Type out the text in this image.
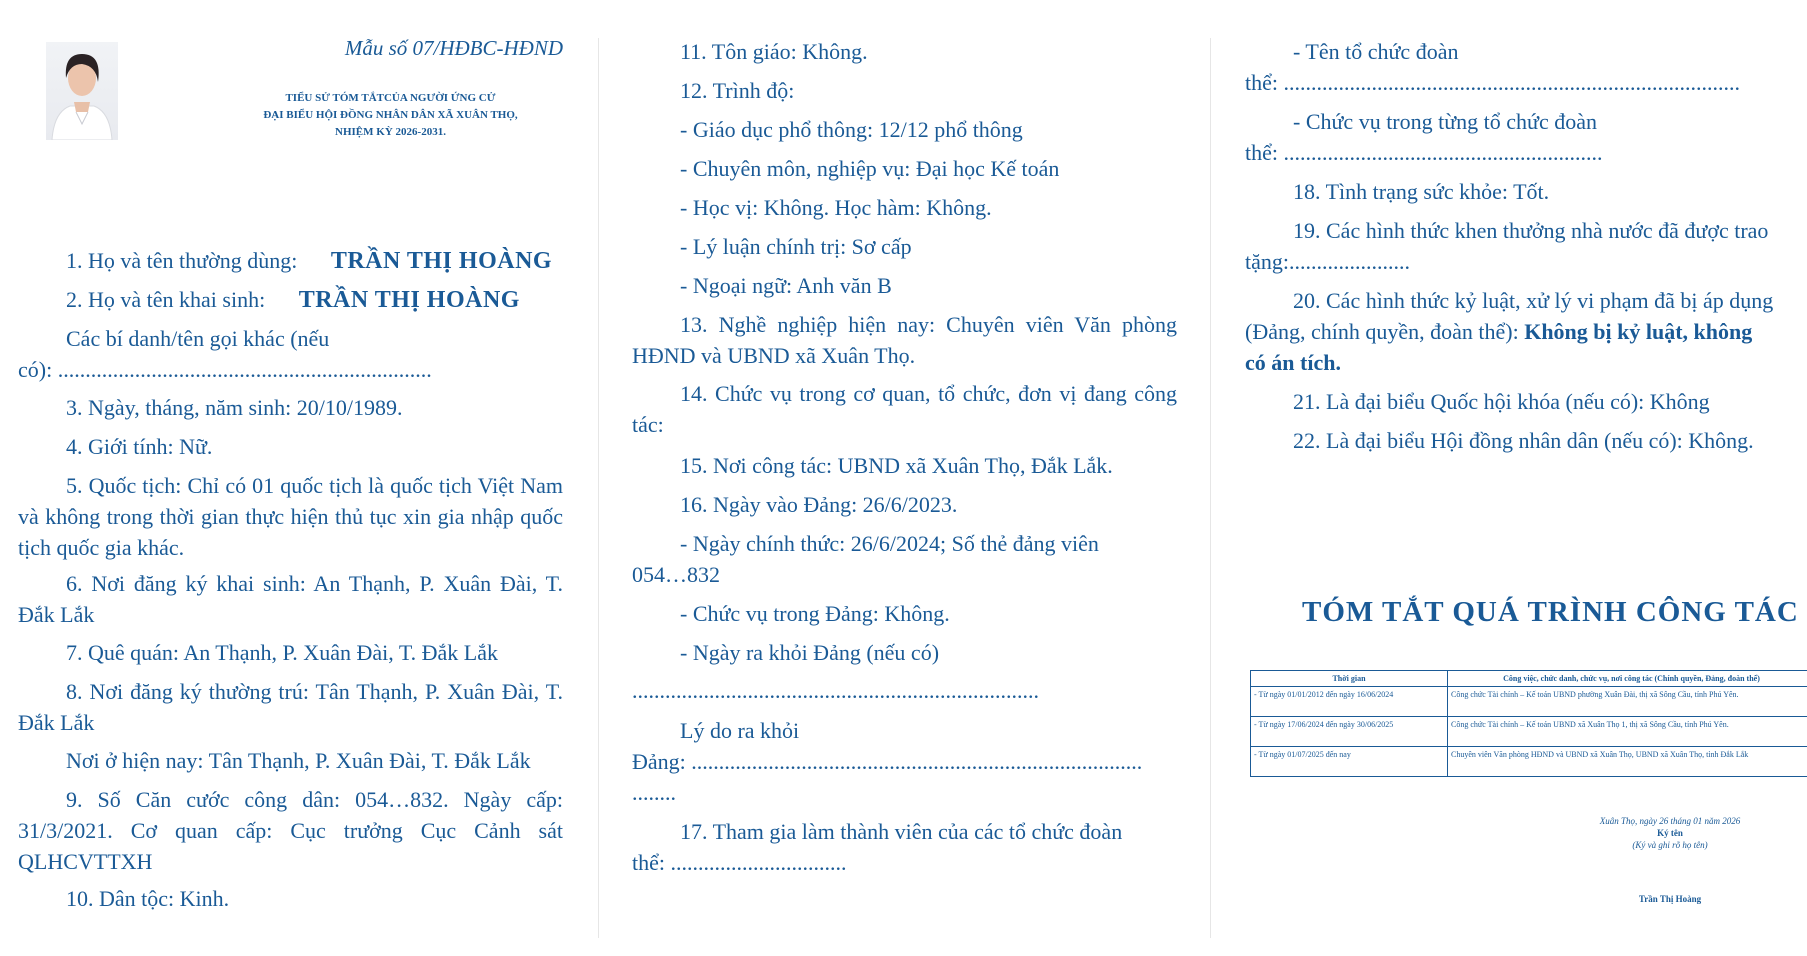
Mẫu số 07/HĐBC-HĐND
TIỂU SỬ TÓM TẮTCỦA NGƯỜI ỨNG CỬ
ĐẠI BIỂU HỘI ĐỒNG NHÂN DÂN XÃ XUÂN THỌ,
NHIỆM KỲ 2026-2031.
1. Họ và tên thường dùng: TRẦN THỊ HOÀNG
2. Họ và tên khai sinh: TRẦN THỊ HOÀNG
Các bí danh/tên gọi khác (nếu
có): ....................................................................
3. Ngày, tháng, năm sinh: 20/10/1989.
4. Giới tính: Nữ.
5. Quốc tịch: Chỉ có 01 quốc tịch là quốc tịch Việt Nam và không trong thời gian thực hiện thủ tục xin gia nhập quốc tịch quốc gia khác.
6. Nơi đăng ký khai sinh: An Thạnh, P. Xuân Đài, T. Đắk Lắk
7. Quê quán: An Thạnh, P. Xuân Đài, T. Đắk Lắk
8. Nơi đăng ký thường trú: Tân Thạnh, P. Xuân Đài, T. Đắk Lắk
Nơi ở hiện nay: Tân Thạnh, P. Xuân Đài, T. Đắk Lắk
9. Số Căn cước công dân: 054…832. Ngày cấp: 31/3/2021. Cơ quan cấp: Cục trưởng Cục Cảnh sát QLHCVTTXH
10. Dân tộc: Kinh.
11. Tôn giáo: Không.
12. Trình độ:
- Giáo dục phổ thông: 12/12 phổ thông
- Chuyên môn, nghiệp vụ: Đại học Kế toán
- Học vị: Không. Học hàm: Không.
- Lý luận chính trị: Sơ cấp
- Ngoại ngữ: Anh văn B
13. Nghề nghiệp hiện nay: Chuyên viên Văn phòng HĐND và UBND xã Xuân Thọ.
14. Chức vụ trong cơ quan, tổ chức, đơn vị đang công tác:
15. Nơi công tác: UBND xã Xuân Thọ, Đắk Lắk.
16. Ngày vào Đảng: 26/6/2023.
- Ngày chính thức: 26/6/2024; Số thẻ đảng viên
054…832
- Chức vụ trong Đảng: Không.
- Ngày ra khỏi Đảng (nếu có)
..........................................................................
Lý do ra khỏi
Đảng: ..................................................................................
........
17. Tham gia làm thành viên của các tổ chức đoàn
thể: ................................
- Tên tổ chức đoàn
thể: ...................................................................................
- Chức vụ trong từng tổ chức đoàn
thể: ..........................................................
18. Tình trạng sức khỏe: Tốt.
19. Các hình thức khen thưởng nhà nước đã được trao
tặng:......................
20. Các hình thức kỷ luật, xử lý vi phạm đã bị áp dụng
(Đảng, chính quyền, đoàn thể): Không bị kỷ luật, không
có án tích.
21. Là đại biểu Quốc hội khóa (nếu có): Không
22. Là đại biểu Hội đồng nhân dân (nếu có): Không.
TÓM TẮT QUÁ TRÌNH CÔNG TÁC
Thời gian	Công việc, chức danh, chức vụ, nơi công tác (Chính quyền, Đảng, đoàn thể)
- Từ ngày 01/01/2012 đến ngày 16/06/2024	Công chức Tài chính – Kế toán UBND phường Xuân Đài, thị xã Sông Cầu, tỉnh Phú Yên.
- Từ ngày 17/06/2024 đến ngày 30/06/2025	Công chức Tài chính – Kế toán UBND xã Xuân Thọ 1, thị xã Sông Cầu, tỉnh Phú Yên.
- Từ ngày 01/07/2025 đến nay	Chuyên viên Văn phòng HĐND và UBND xã Xuân Thọ, UBND xã Xuân Thọ, tỉnh Đắk Lắk
Xuân Thọ, ngày 26 tháng 01 năm 2026
Ký tên
(Ký và ghi rõ họ tên)
Trần Thị Hoàng
